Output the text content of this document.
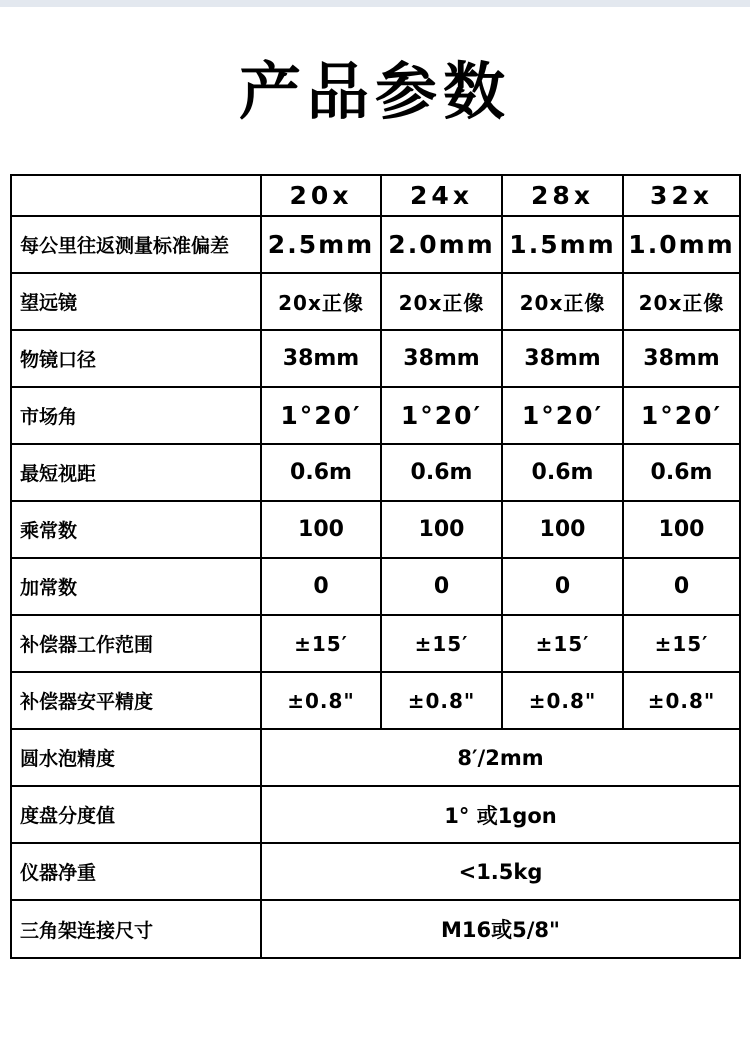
产品参数
	20x	24x	28x	32x
每公里往返测量标准偏差	2.5mm	2.0mm	1.5mm	1.0mm
望远镜	20x正像	20x正像	20x正像	20x正像
物镜口径	38mm	38mm	38mm	38mm
市场角	1°20′	1°20′	1°20′	1°20′
最短视距	0.6m	0.6m	0.6m	0.6m
乘常数	100	100	100	100
加常数	0	0	0	0
补偿器工作范围	±15′	±15′	±15′	±15′
补偿器安平精度	±0.8"	±0.8"	±0.8"	±0.8"
圆水泡精度	8′/2mm			
度盘分度值	1° 或1gon			
仪器净重	<1.5kg			
三角架连接尺寸	M16或5/8"			
